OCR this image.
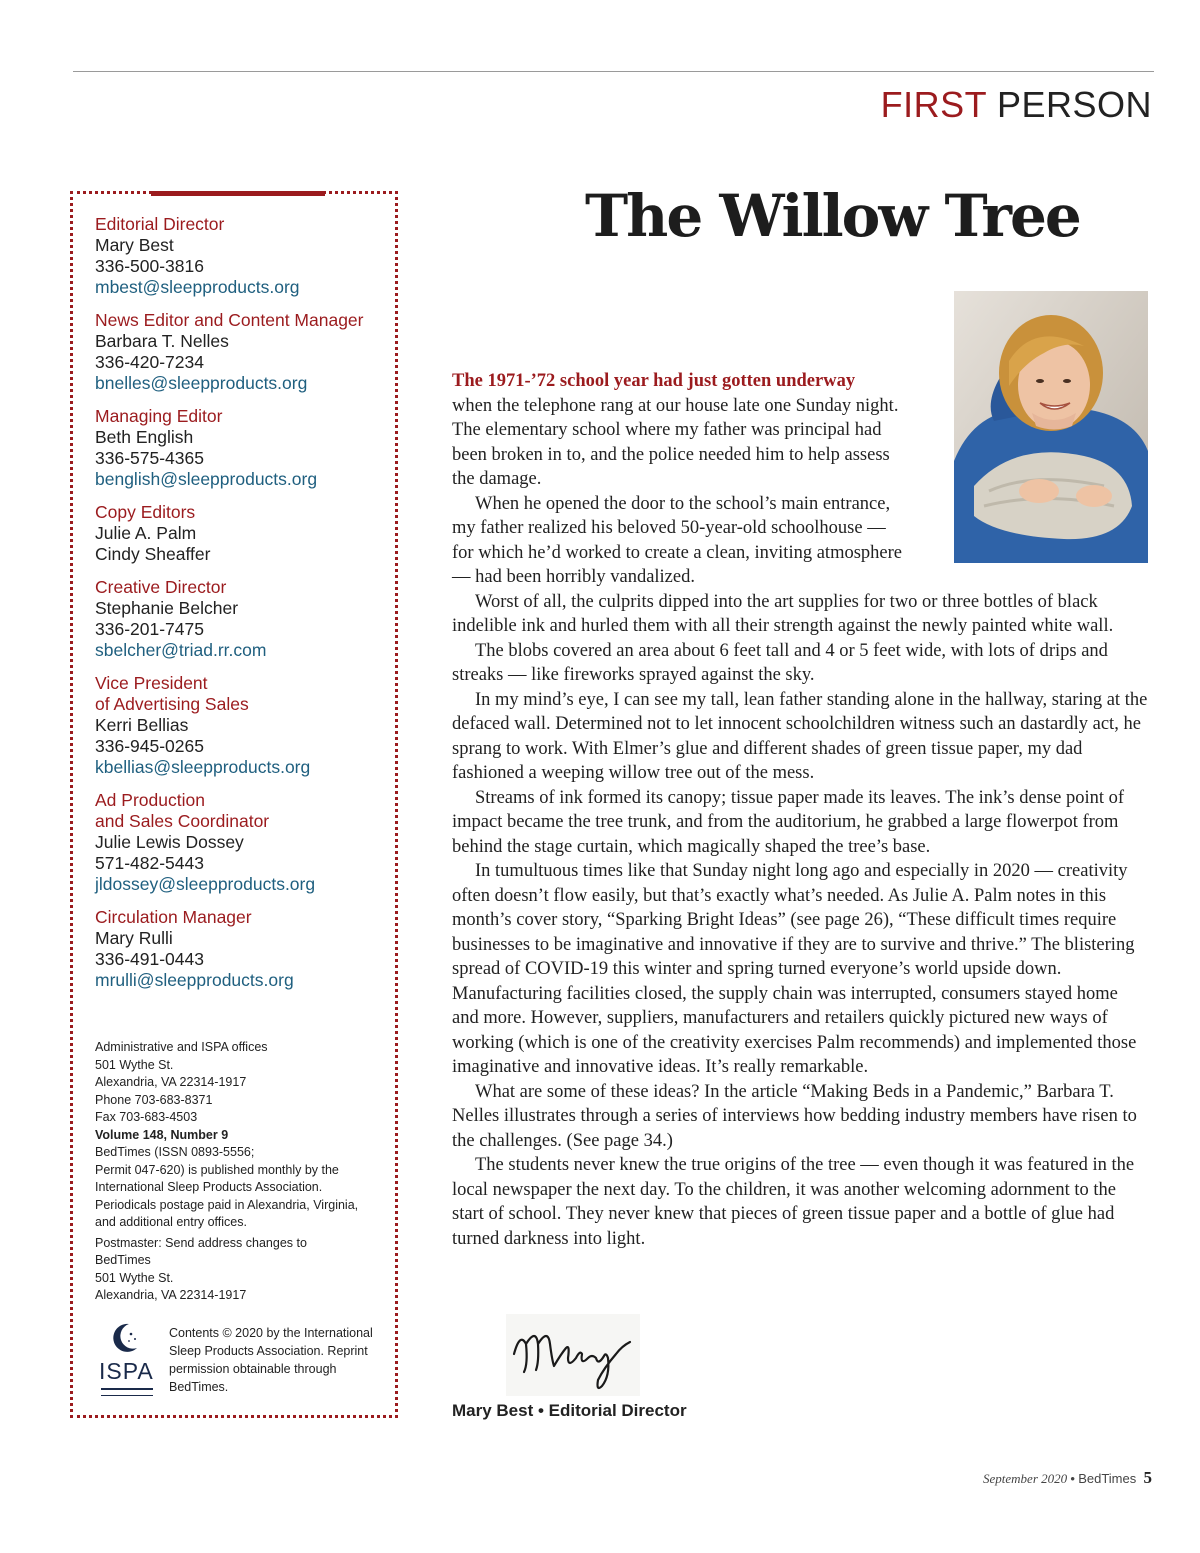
FIRST PERSON
Editorial Director
Mary Best
336-500-3816
mbest@sleepproducts.org
News Editor and Content Manager
Barbara T. Nelles
336-420-7234
bnelles@sleepproducts.org
Managing Editor
Beth English
336-575-4365
benglish@sleepproducts.org
Copy Editors
Julie A. Palm
Cindy Sheaffer
Creative Director
Stephanie Belcher
336-201-7475
sbelcher@triad.rr.com
Vice President
of Advertising Sales
Kerri Bellias
336-945-0265
kbellias@sleepproducts.org
Ad Production
and Sales Coordinator
Julie Lewis Dossey
571-482-5443
jldossey@sleepproducts.org
Circulation Manager
Mary Rulli
336-491-0443
mrulli@sleepproducts.org
Administrative and ISPA offices
501 Wythe St.
Alexandria, VA 22314-1917
Phone 703-683-8371
Fax 703-683-4503
Volume 148, Number 9
BedTimes (ISSN 0893-5556;
Permit 047-620) is published monthly by the
International Sleep Products Association.
Periodicals postage paid in Alexandria, Virginia,
and additional entry offices.
Postmaster: Send address changes to
BedTimes
501 Wythe St.
Alexandria, VA 22314-1917
ISPA
Contents © 2020 by the International Sleep Products Association. Reprint permission obtainable through BedTimes.
The Willow Tree

The 1971-’72 school year had just gotten underway
when the telephone rang at our house late one Sunday night. The elementary school where my father was principal had been broken in to, and the police needed him to help assess the damage.

When he opened the door to the school’s main entrance, my father realized his beloved 50-year-old schoolhouse — for which he’d worked to create a clean, inviting atmosphere — had been horribly vandalized.

Worst of all, the culprits dipped into the art supplies for two or three bottles of black indelible ink and hurled them with all their strength against the newly painted white wall.

The blobs covered an area about 6 feet tall and 4 or 5 feet wide, with lots of drips and streaks — like fireworks sprayed against the sky.

In my mind’s eye, I can see my tall, lean father standing alone in the hallway, staring at the defaced wall. Determined not to let innocent schoolchildren witness such an dastardly act, he sprang to work. With Elmer’s glue and different shades of green tissue paper, my dad fashioned a weeping willow tree out of the mess.

Streams of ink formed its canopy; tissue paper made its leaves. The ink’s dense point of impact became the tree trunk, and from the auditorium, he grabbed a large flowerpot from behind the stage curtain, which magically shaped the tree’s base.

In tumultuous times like that Sunday night long ago and especially in 2020 — creativity often doesn’t flow easily, but that’s exactly what’s needed. As Julie A. Palm notes in this month’s cover story, “Sparking Bright Ideas” (see page 26), “These difficult times require businesses to be imaginative and innovative if they are to survive and thrive.” The blistering spread of COVID-19 this winter and spring turned everyone’s world upside down. Manufacturing facilities closed, the supply chain was interrupted, consumers stayed home and more. However, suppliers, manufacturers and retailers quickly pictured new ways of working (which is one of the creativity exercises Palm recommends) and implemented those imaginative and innovative ideas. It’s really remarkable.

What are some of these ideas? In the article “Making Beds in a Pandemic,” Barbara T. Nelles illustrates through a series of interviews how bedding industry members have risen to the challenges. (See page 34.)

The students never knew the true origins of the tree — even though it was featured in the local newspaper the next day. To the children, it was another welcoming adornment to the start of school. They never knew that pieces of green tissue paper and a bottle of glue had turned darkness into light.

Mary Best • Editorial Director
September 2020 • BedTimes 5
